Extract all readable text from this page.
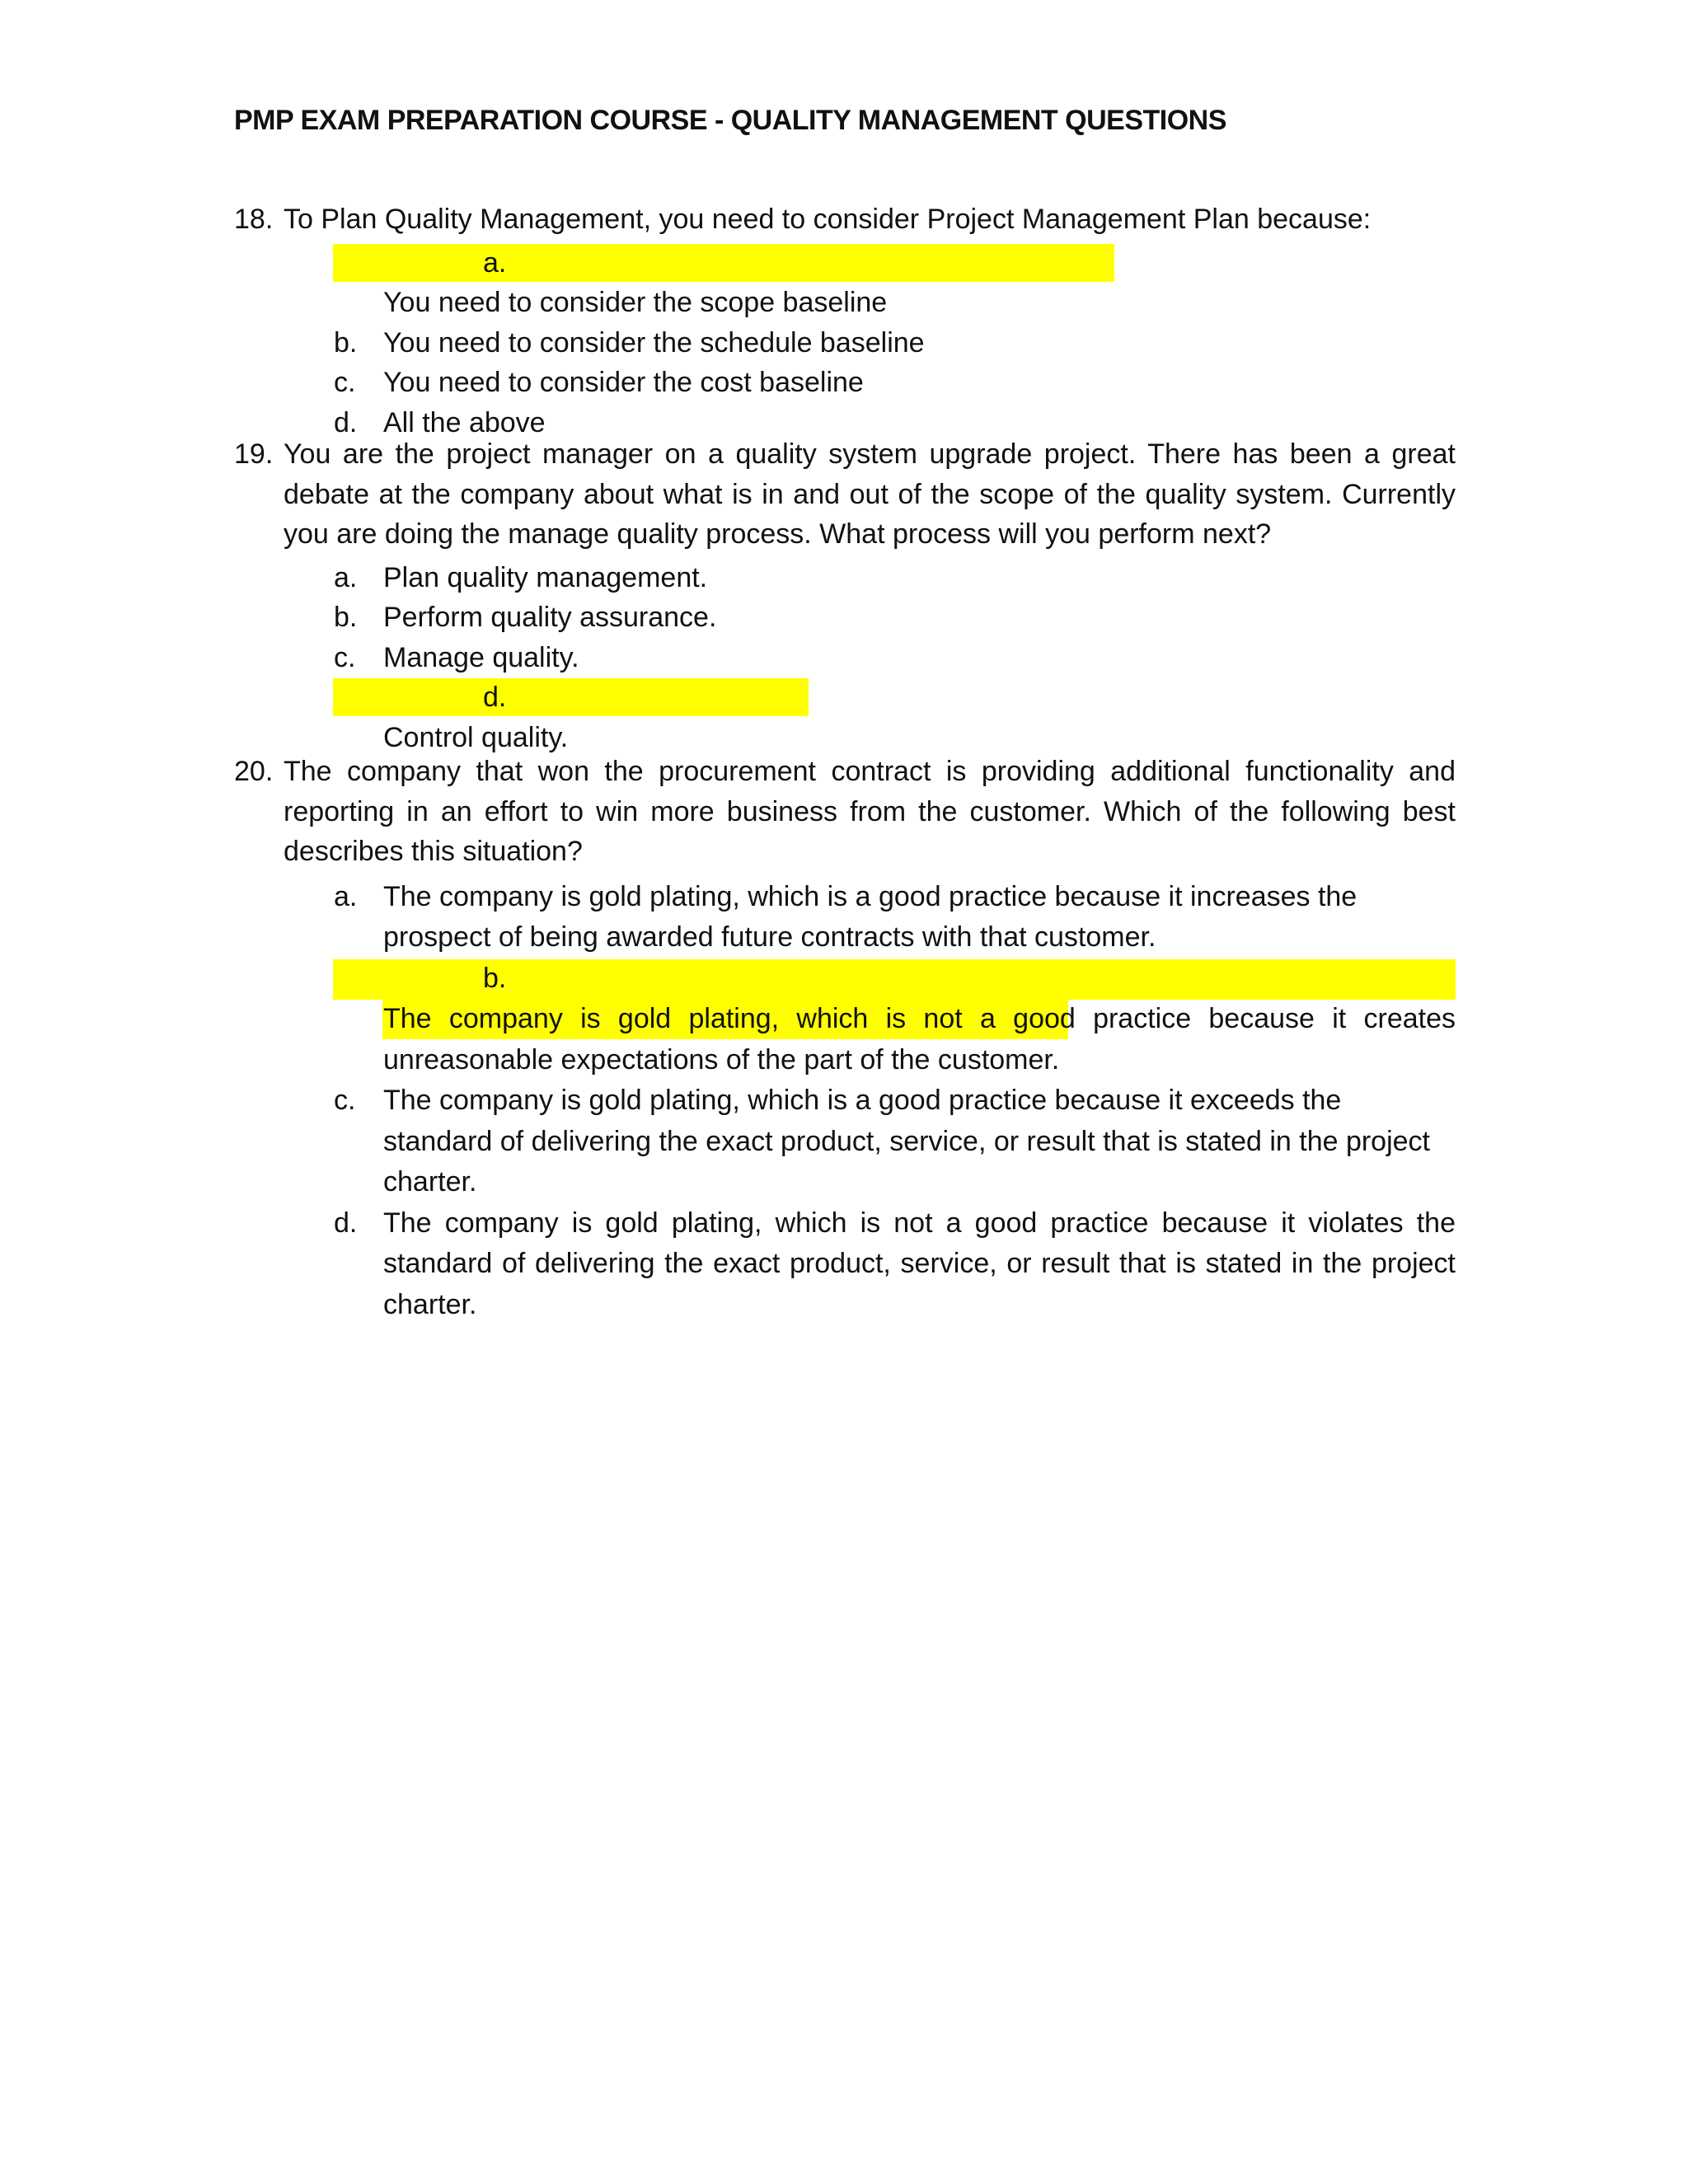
PMP EXAM PREPARATION COURSE - QUALITY MANAGEMENT QUESTIONS
18. To Plan Quality Management, you need to consider Project Management Plan because:
a.
You need to consider the scope baseline
b. You need to consider the schedule baseline
c. You need to consider the cost baseline
d. All the above
19. You are the project manager on a quality system upgrade project. There has been a great debate at the company about what is in and out of the scope of the quality system. Currently you are doing the manage quality process. What process will you perform next?
a. Plan quality management.
b. Perform quality assurance.
c. Manage quality.
d.
Control quality.
20. The company that won the procurement contract is providing additional functionality and reporting in an effort to win more business from the customer. Which of the following best describes this situation?
a. The company is gold plating, which is a good practice because it increases the prospect of being awarded future contracts with that customer.
b.
The company is gold plating, which is not a good practice because it creates unreasonable expectations of the part of the customer.
c. The company is gold plating, which is a good practice because it exceeds the standard of delivering the exact product, service, or result that is stated in the project charter.
d. The company is gold plating, which is not a good practice because it violates the standard of delivering the exact product, service, or result that is stated in the project charter.
